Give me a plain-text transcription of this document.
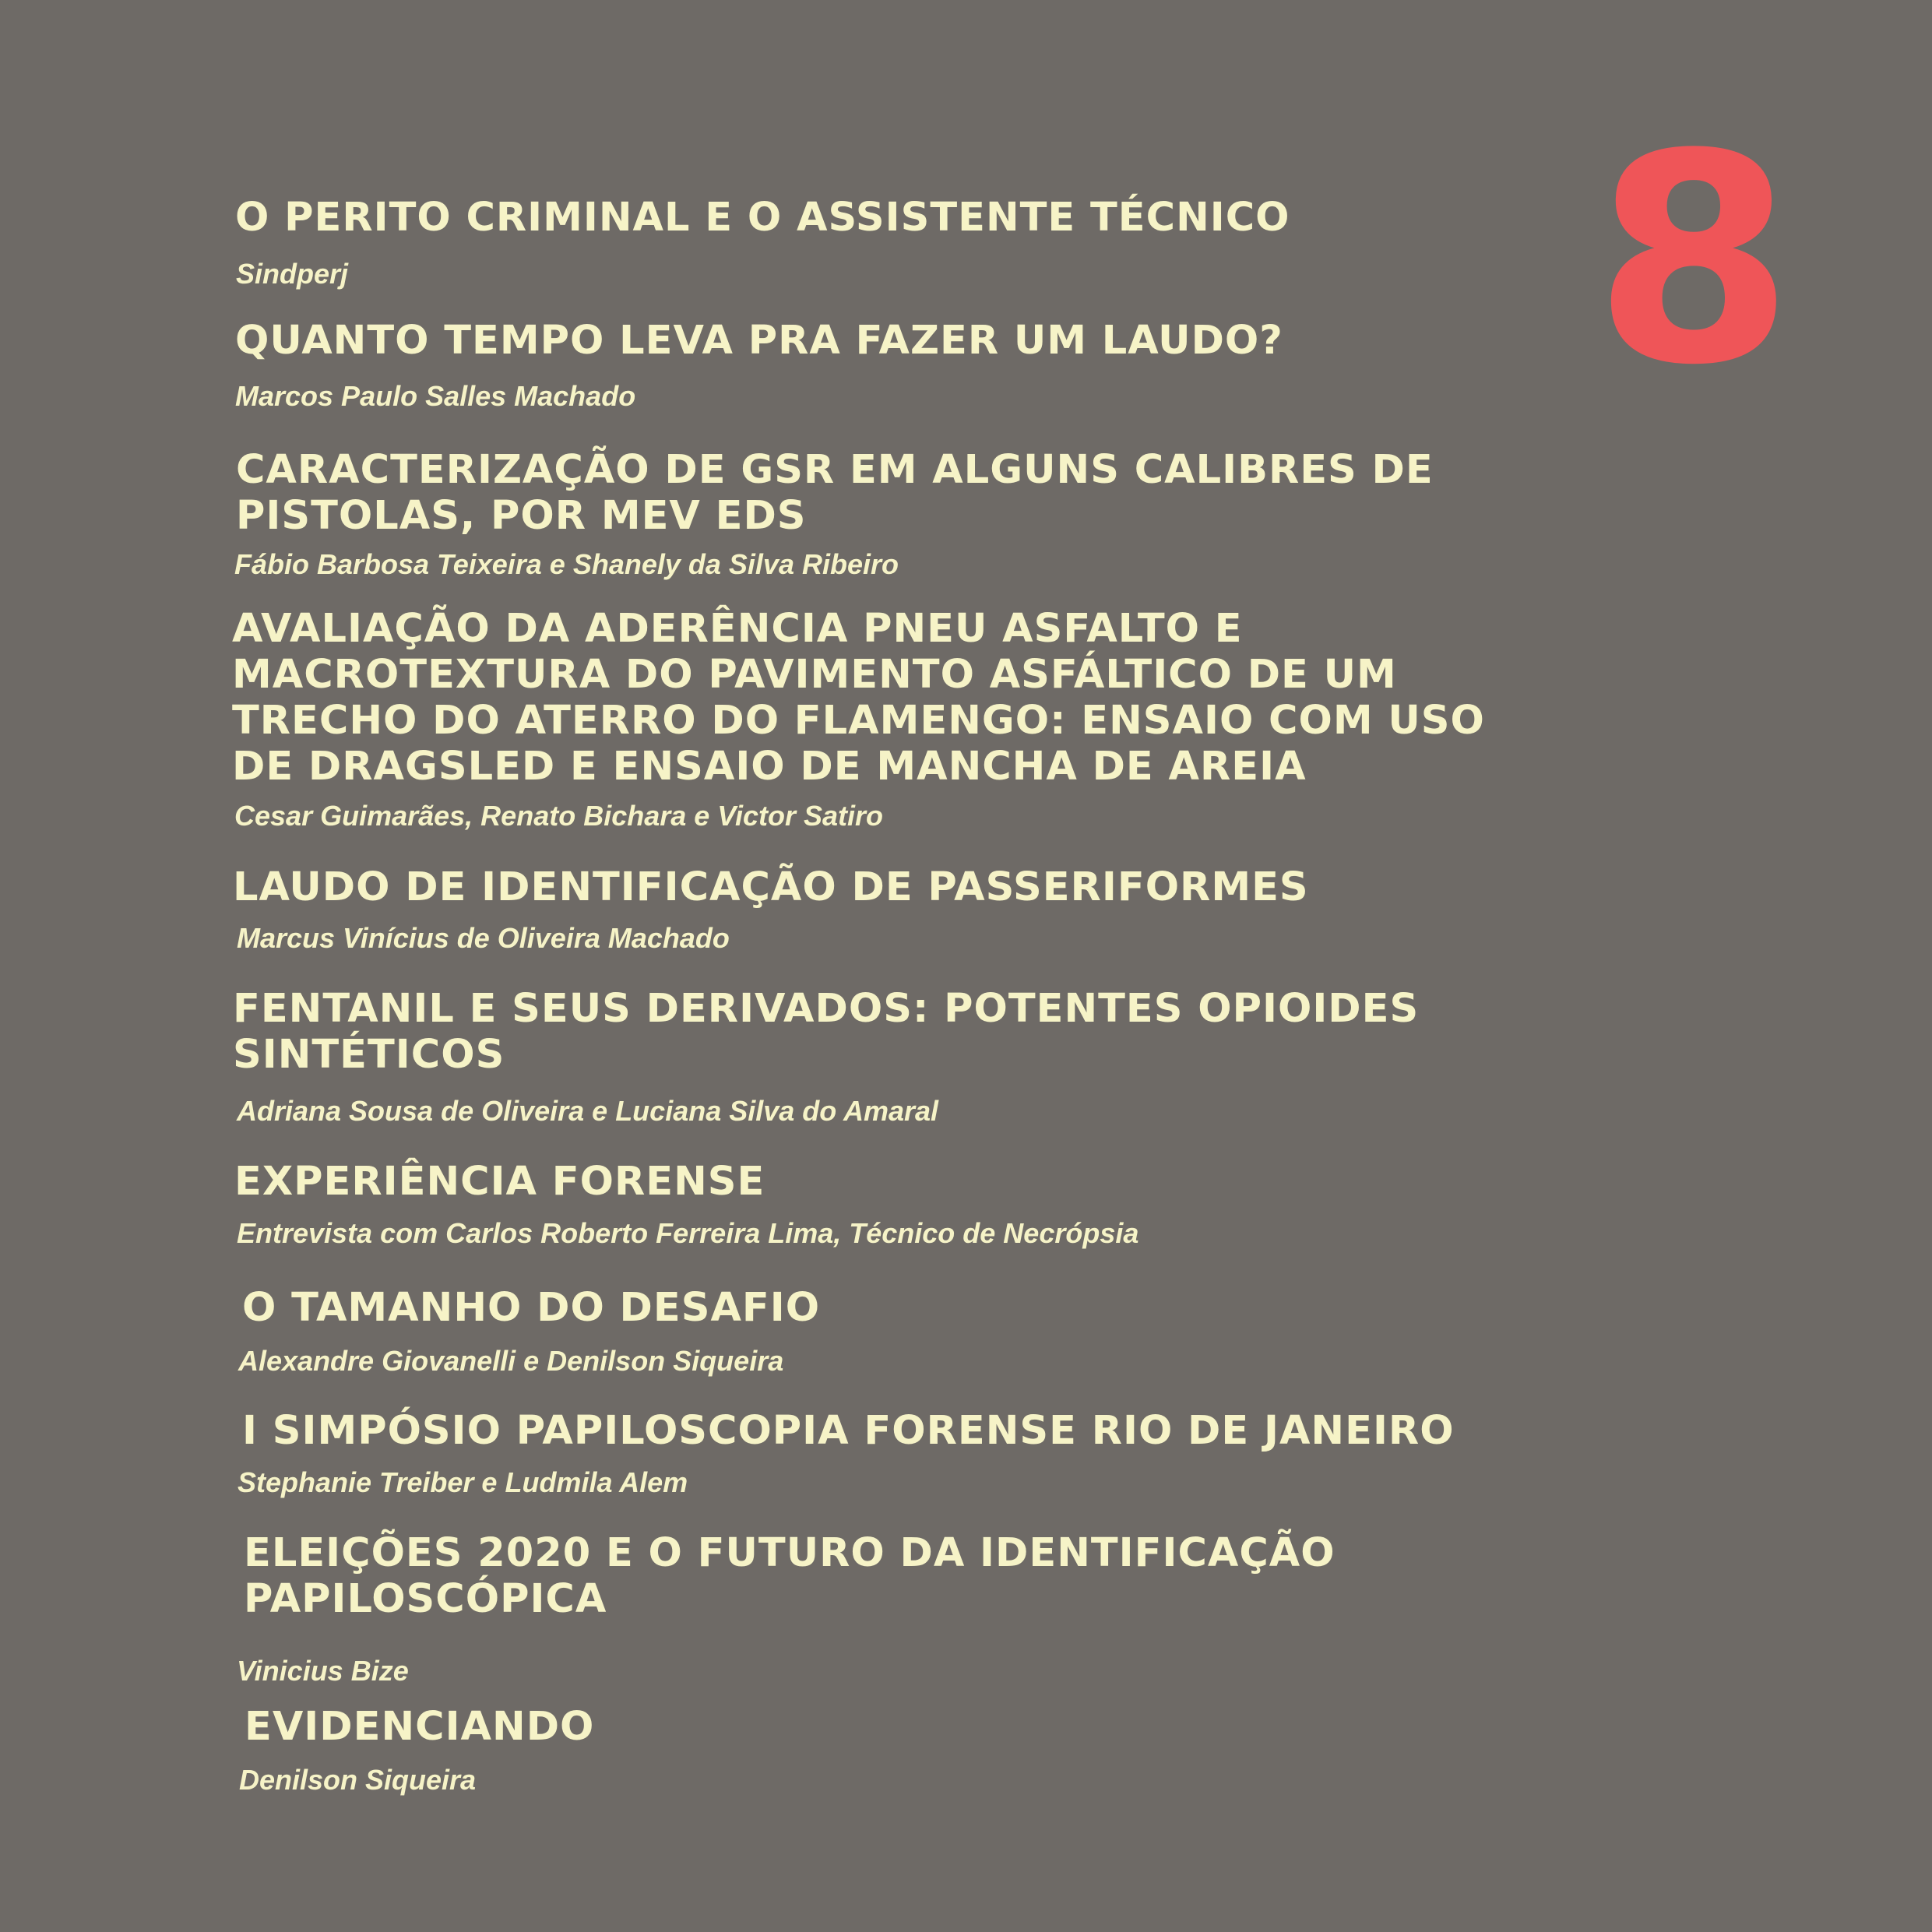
8
O PERITO CRIMINAL E O ASSISTENTE TÉCNICO
Sindperj
QUANTO TEMPO LEVA PRA FAZER UM LAUDO?
Marcos Paulo Salles Machado
CARACTERIZAÇÃO DE GSR EM ALGUNS CALIBRES DE
PISTOLAS, POR MEV EDS
Fábio Barbosa Teixeira e Shanely da Silva Ribeiro
AVALIAÇÃO DA ADERÊNCIA PNEU ASFALTO E
MACROTEXTURA DO PAVIMENTO ASFÁLTICO DE UM
TRECHO DO ATERRO DO FLAMENGO: ENSAIO COM USO
DE DRAGSLED E ENSAIO DE MANCHA DE AREIA
Cesar Guimarães, Renato Bichara e Victor Satiro
LAUDO DE IDENTIFICAÇÃO DE PASSERIFORMES
Marcus Vinícius de Oliveira Machado
FENTANIL E SEUS DERIVADOS: POTENTES OPIOIDES
SINTÉTICOS
Adriana Sousa de Oliveira e Luciana Silva do Amaral
EXPERIÊNCIA FORENSE
Entrevista com Carlos Roberto Ferreira Lima, Técnico de Necrópsia
O TAMANHO DO DESAFIO
Alexandre Giovanelli e Denilson Siqueira
I SIMPÓSIO PAPILOSCOPIA FORENSE RIO DE JANEIRO
Stephanie Treiber e Ludmila Alem
ELEIÇÕES 2020 E O FUTURO DA IDENTIFICAÇÃO
PAPILOSCÓPICA
Vinicius Bize
EVIDENCIANDO
Denilson Siqueira
